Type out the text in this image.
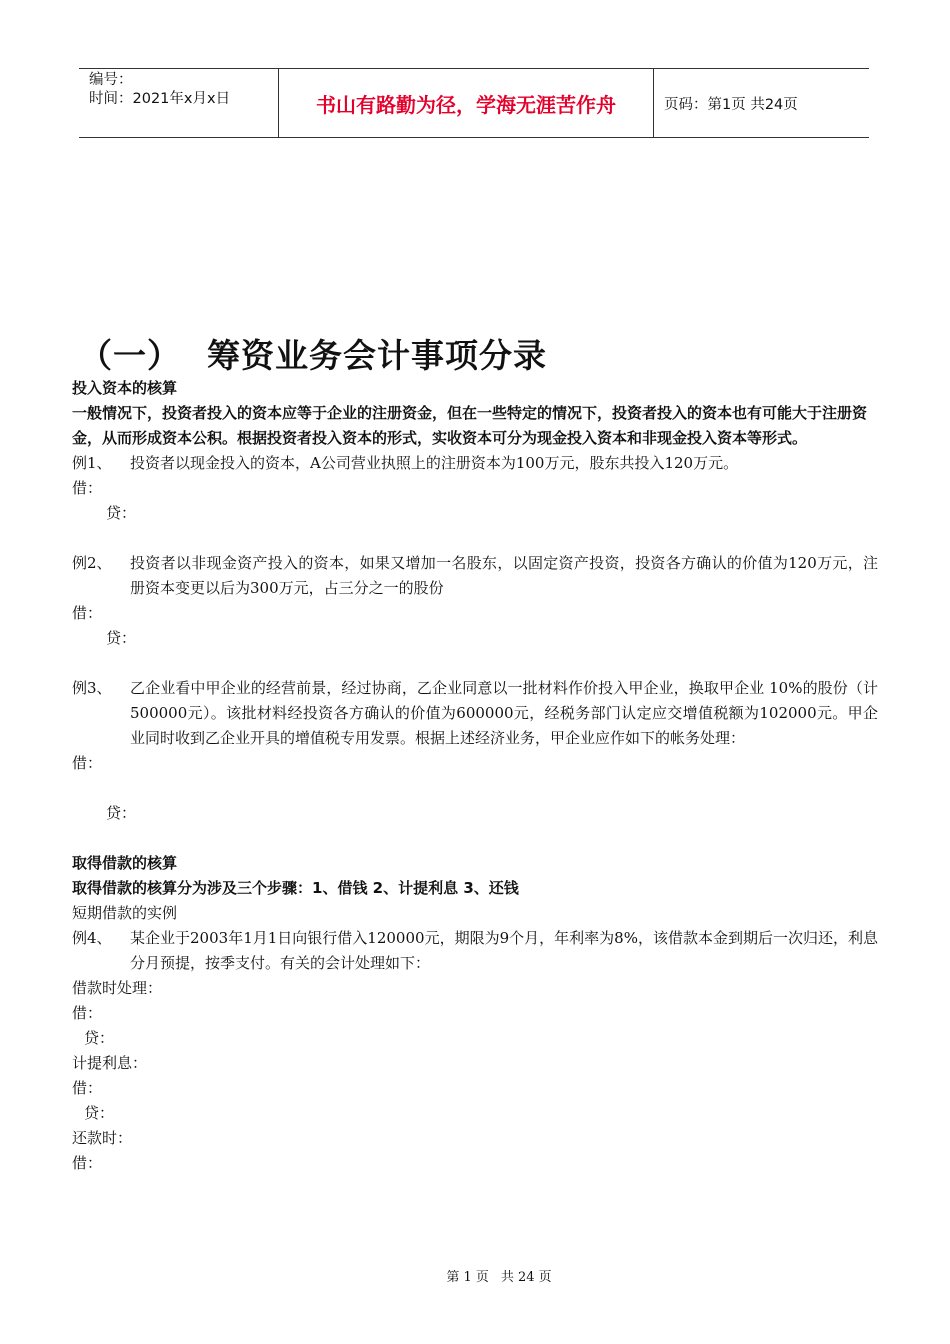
编号：
时间：2021年x月x日	书山有路勤为径，学海无涯苦作舟	页码：第1页 共24页
（一） 筹资业务会计事项分录

投入资本的核算

一般情况下，投资者投入的资本应等于企业的注册资金，但在一些特定的情况下，投资者投入的资本也有可能大于注册资金，从而形成资本公积。根据投资者投入资本的形式，实收资本可分为现金投入资本和非现金投入资本等形式。

例1、	投资者以现金投入的资本，A公司营业执照上的注册资本为100万元，股东共投入120万元。

借：

贷：

例2、	投资者以非现金资产投入的资本，如果又增加一名股东，以固定资产投资，投资各方确认的价值为120万元，注册资本变更以后为300万元，占三分之一的股份

借：

贷：

例3、	乙企业看中甲企业的经营前景，经过协商，乙企业同意以一批材料作价投入甲企业，换取甲企业 10%的股份（计500000元）。该批材料经投资各方确认的价值为600000元，经税务部门认定应交增值税额为102000元。甲企业同时收到乙企业开具的增值税专用发票。根据上述经济业务，甲企业应作如下的帐务处理：

借：

贷：

取得借款的核算

取得借款的核算分为涉及三个步骤：1、借钱 2、计提利息 3、还钱

短期借款的实例

例4、	某企业于2003年1月1日向银行借入120000元，期限为9个月，年利率为8%，该借款本金到期后一次归还，利息分月预提，按季支付。有关的会计处理如下：

借款时处理：

借：

贷：

计提利息：

借：

贷：

还款时：

借：

第 1 页 共 24 页
